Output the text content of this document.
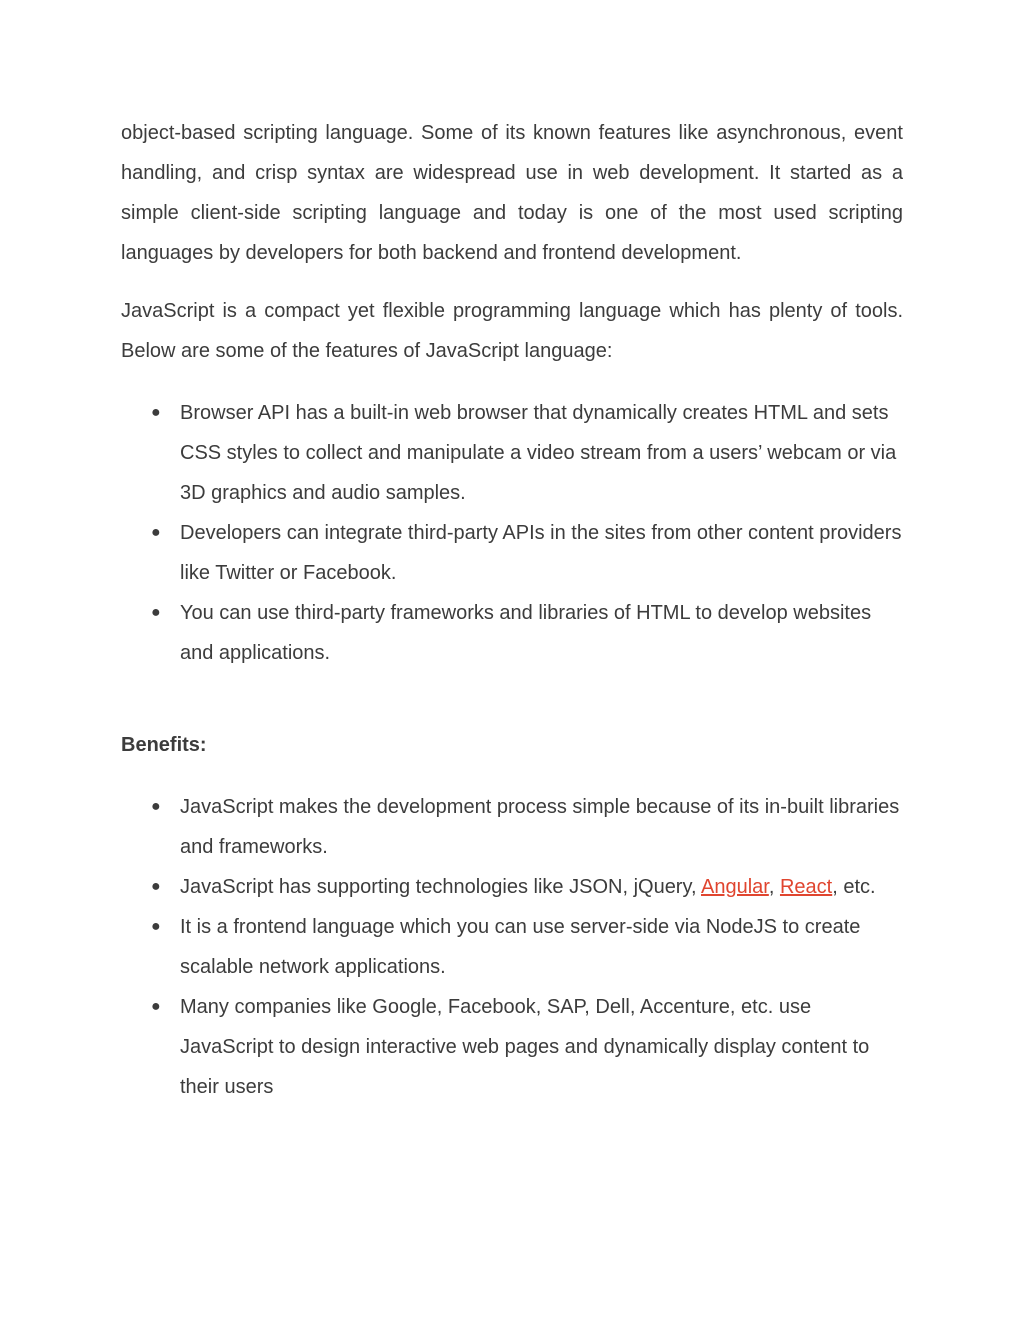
object-based scripting language. Some of its known features like asynchronous, event handling, and crisp syntax are widespread use in web development. It started as a simple client-side scripting language and today is one of the most used scripting languages by developers for both backend and frontend development.

JavaScript is a compact yet flexible programming language which has plenty of tools. Below are some of the features of JavaScript language:

● Browser API has a built-in web browser that dynamically creates HTML and sets CSS styles to collect and manipulate a video stream from a users’ webcam or via 3D graphics and audio samples.
● Developers can integrate third-party APIs in the sites from other content providers like Twitter or Facebook.
● You can use third-party frameworks and libraries of HTML to develop websites and applications.

Benefits:

● JavaScript makes the development process simple because of its in-built libraries and frameworks.
● JavaScript has supporting technologies like JSON, jQuery, Angular, React, etc.
● It is a frontend language which you can use server-side via NodeJS to create scalable network applications.
● Many companies like Google, Facebook, SAP, Dell, Accenture, etc. use JavaScript to design interactive web pages and dynamically display content to their users
